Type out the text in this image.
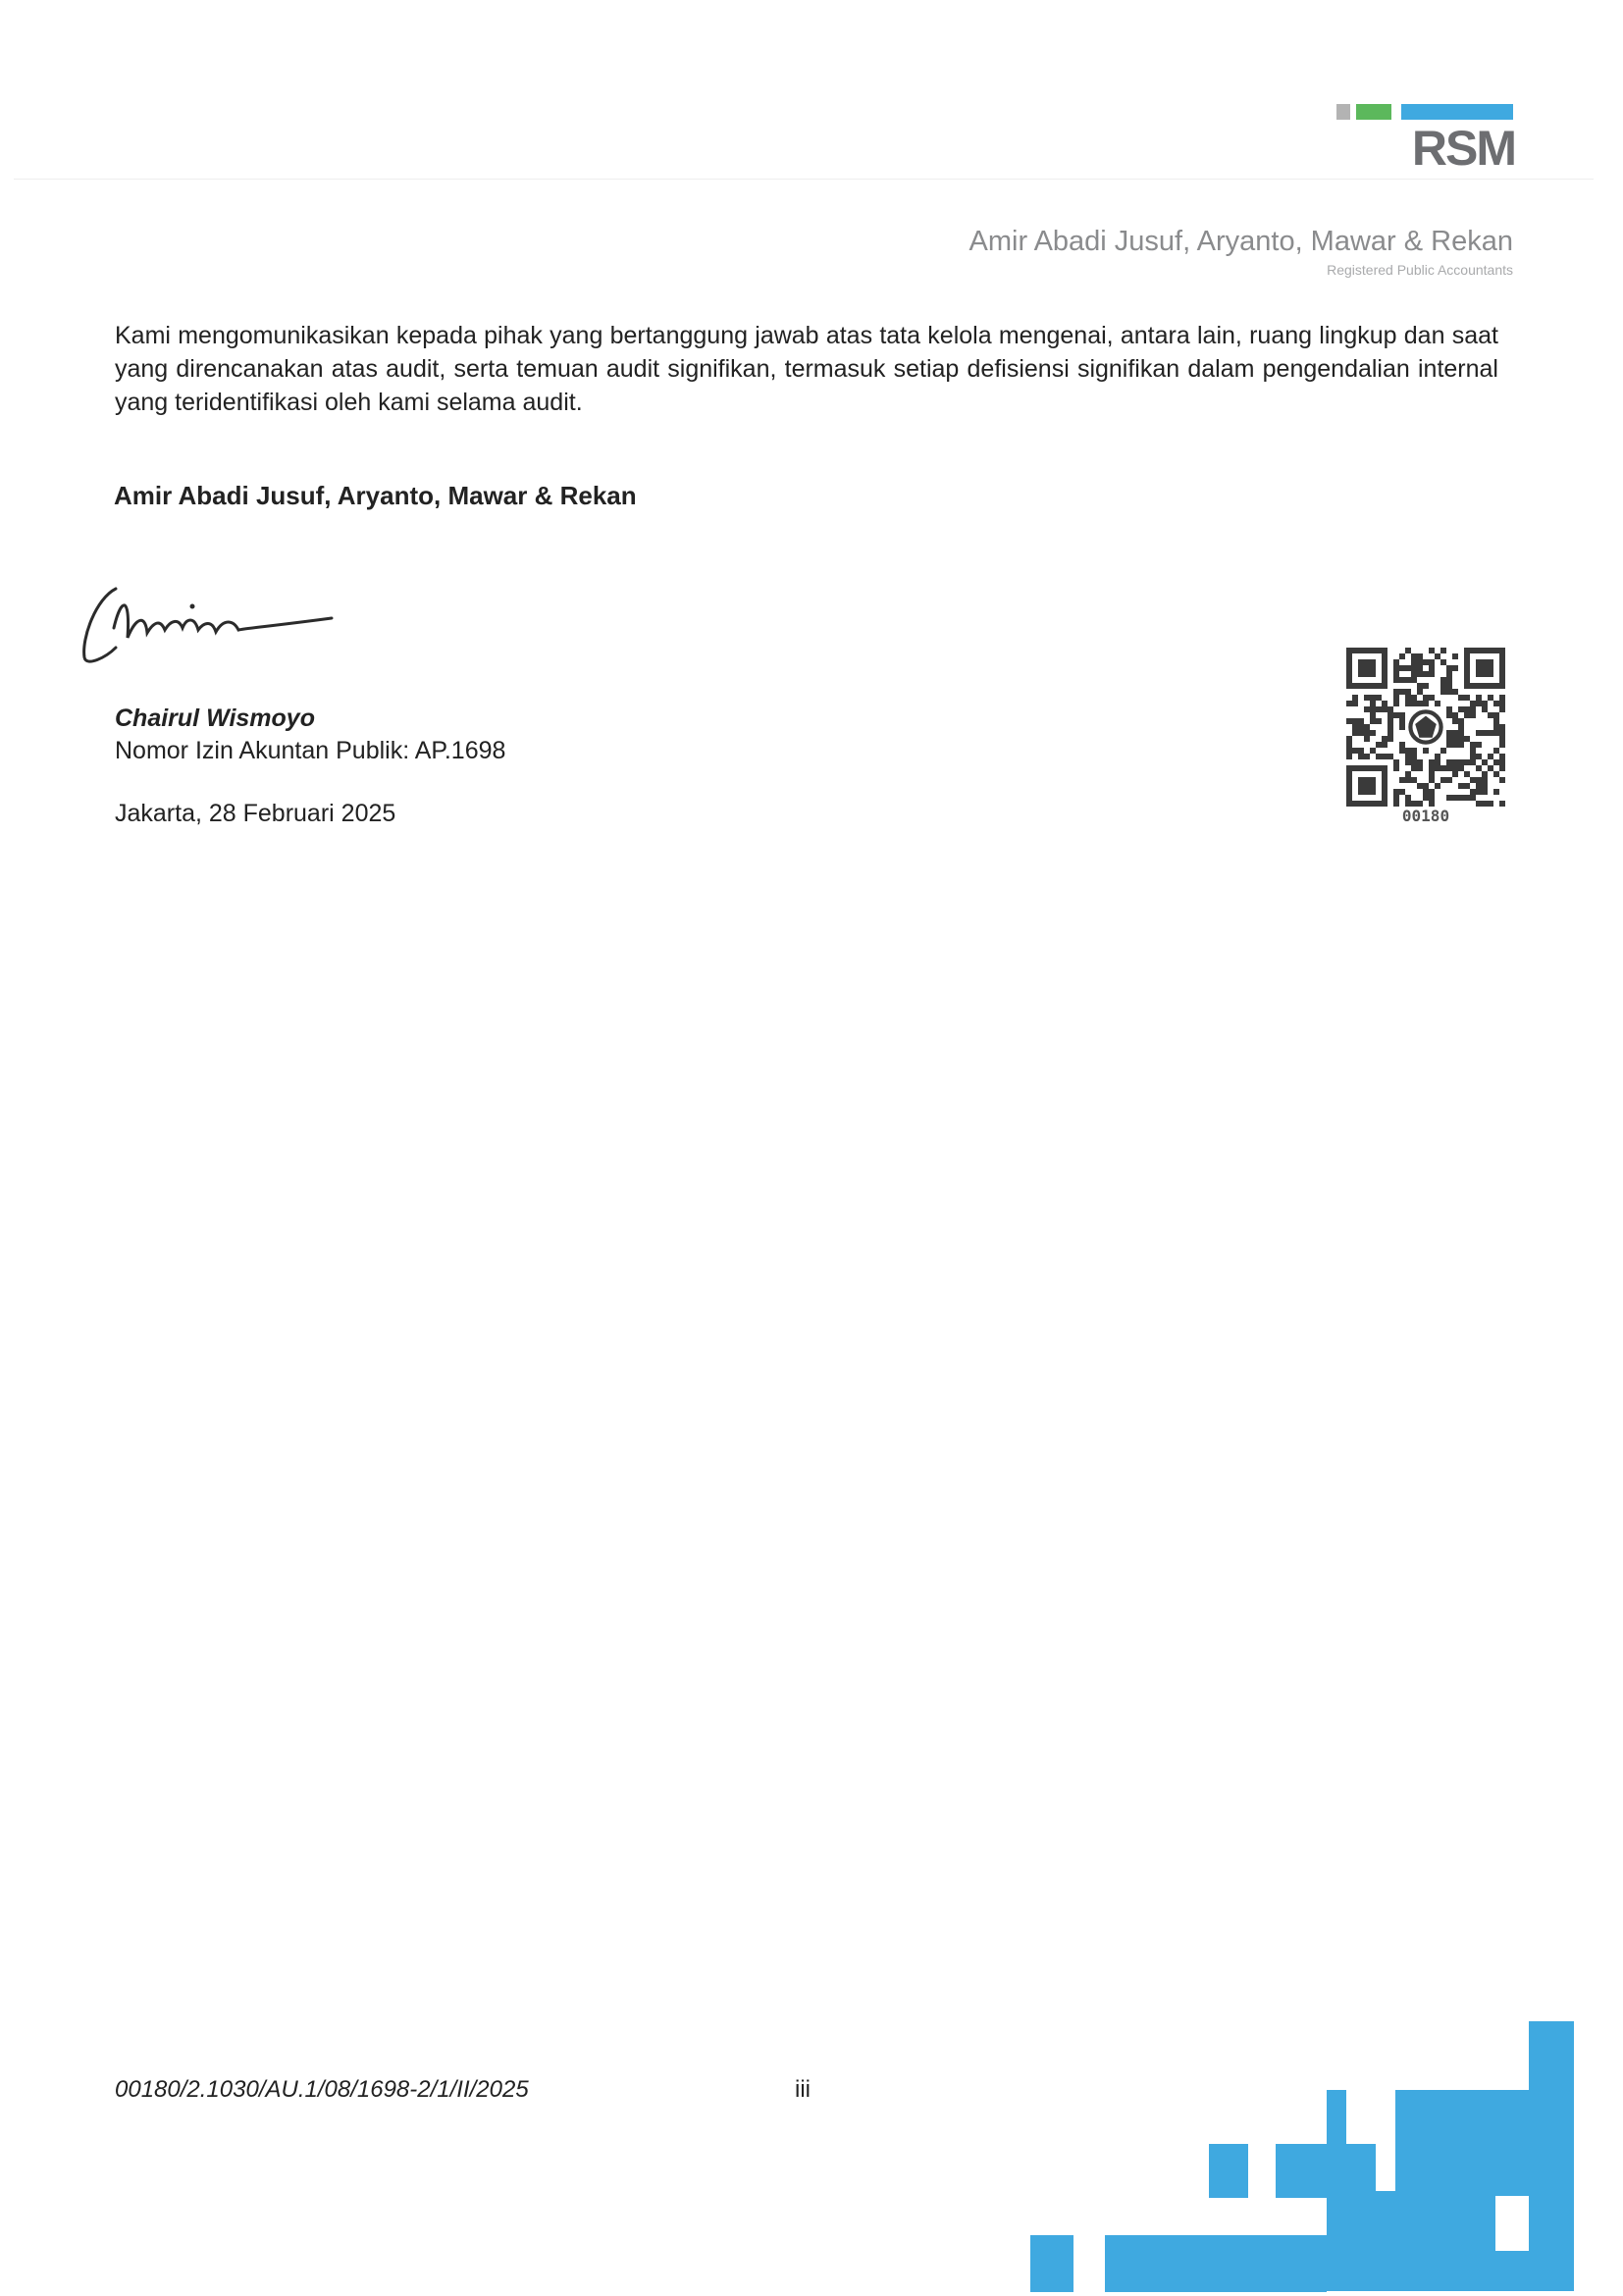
RSM
Amir Abadi Jusuf, Aryanto, Mawar & Rekan
Registered Public Accountants
Kami mengomunikasikan kepada pihak yang bertanggung jawab atas tata kelola mengenai, antara lain, ruang lingkup dan saat yang direncanakan atas audit, serta temuan audit signifikan, termasuk setiap defisiensi signifikan dalam pengendalian internal yang teridentifikasi oleh kami selama audit.
Amir Abadi Jusuf, Aryanto, Mawar & Rekan
Chairul Wismoyo
Nomor Izin Akuntan Publik: AP.1698
Jakarta, 28 Februari 2025	00180
00180/2.1030/AU.1/08/1698-2/1/II/2025	iii
